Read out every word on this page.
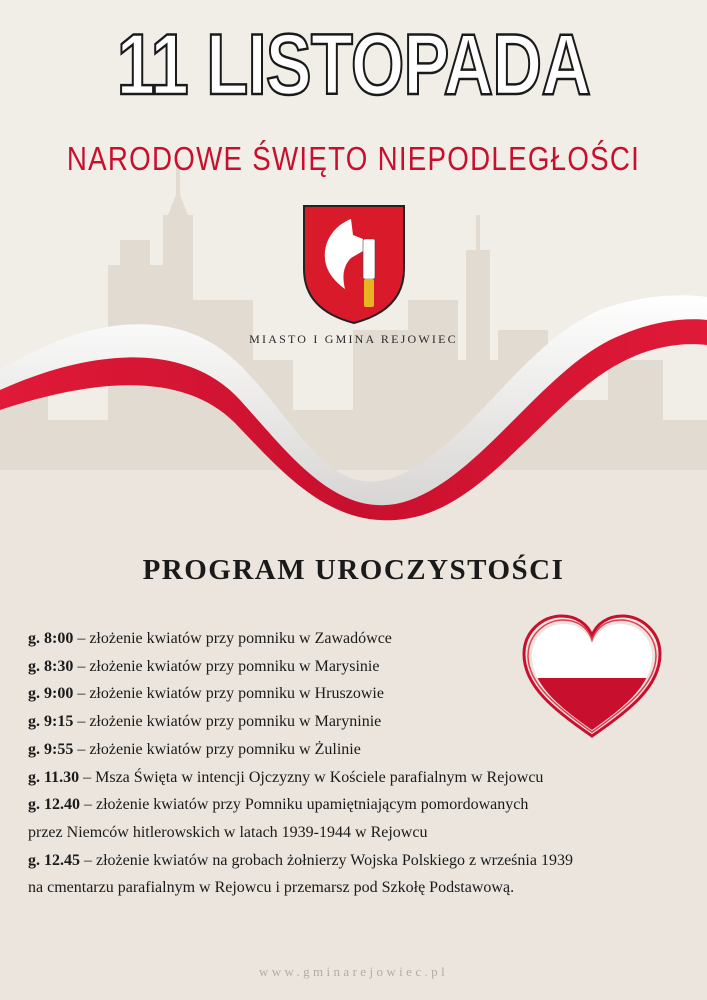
11 LISTOPADA
NARODOWE ŚWIĘTO NIEPODLEGŁOŚCI
MIASTO I GMINA REJOWIEC
PROGRAM UROCZYSTOŚCI
g. 8:00 – złożenie kwiatów przy pomniku w Zawadówce
g. 8:30 – złożenie kwiatów przy pomniku w Marysinie
g. 9:00 – złożenie kwiatów przy pomniku w Hruszowie
g. 9:15 – złożenie kwiatów przy pomniku w Maryninie
g. 9:55 – złożenie kwiatów przy pomniku w Żulinie
g. 11.30 – Msza Święta w intencji Ojczyzny w Kościele parafialnym w Rejowcu
g. 12.40 – złożenie kwiatów przy Pomniku upamiętniającym pomordowanych
przez Niemców hitlerowskich w latach 1939-1944 w Rejowcu
g. 12.45 – złożenie kwiatów na grobach żołnierzy Wojska Polskiego z września 1939
na cmentarzu parafialnym w Rejowcu i przemarsz pod Szkołę Podstawową.
www.gminarejowiec.pl
